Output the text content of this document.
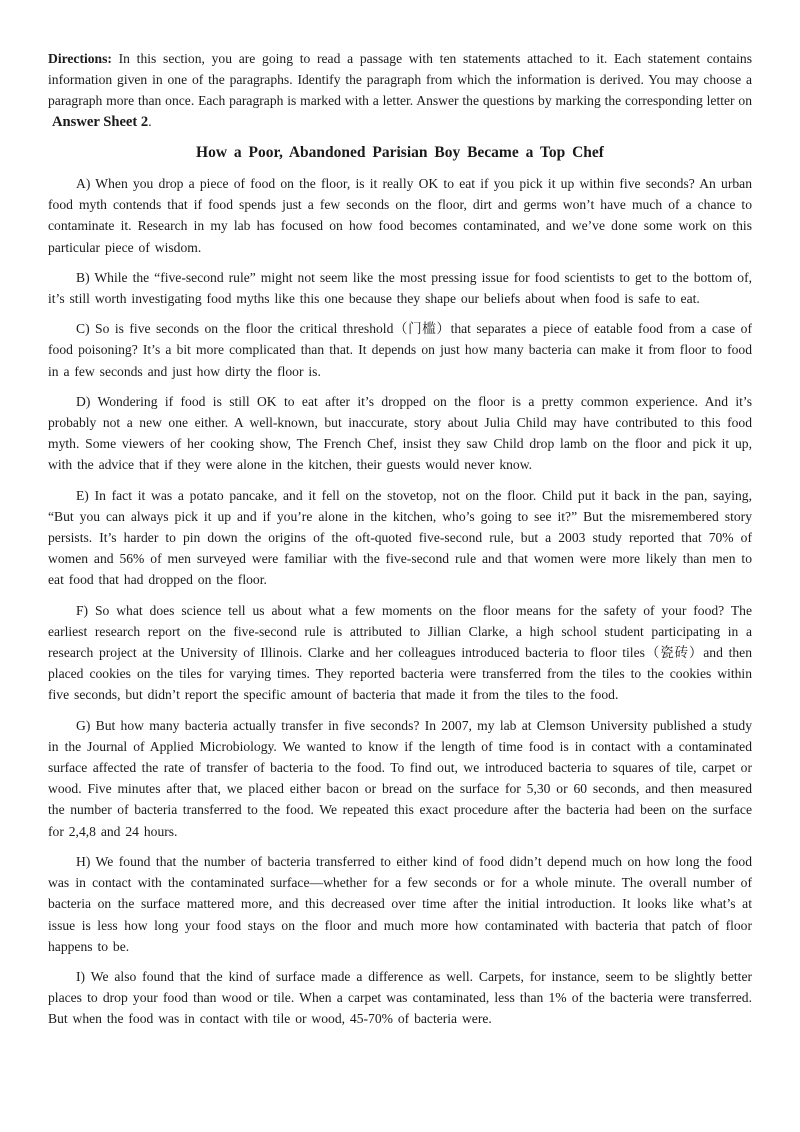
Directions: In this section, you are going to read a passage with ten statements attached to it. Each statement contains information given in one of the paragraphs. Identify the paragraph from which the information is derived. You may choose a paragraph more than once. Each paragraph is marked with a letter. Answer the questions by marking the corresponding letter on Answer Sheet 2.

How a Poor, Abandoned Parisian Boy Became a Top Chef

A) When you drop a piece of food on the floor, is it really OK to eat if you pick it up within five seconds? An urban food myth contends that if food spends just a few seconds on the floor, dirt and germs won’t have much of a chance to contaminate it. Research in my lab has focused on how food becomes contaminated, and we’ve done some work on this particular piece of wisdom.

B) While the “five-second rule” might not seem like the most pressing issue for food scientists to get to the bottom of, it’s still worth investigating food myths like this one because they shape our beliefs about when food is safe to eat.

C) So is five seconds on the floor the critical threshold（门槛）that separates a piece of eatable food from a case of food poisoning? It’s a bit more complicated than that. It depends on just how many bacteria can make it from floor to food in a few seconds and just how dirty the floor is.

D) Wondering if food is still OK to eat after it’s dropped on the floor is a pretty common experience. And it’s probably not a new one either. A well-known, but inaccurate, story about Julia Child may have contributed to this food myth. Some viewers of her cooking show, The French Chef, insist they saw Child drop lamb on the floor and pick it up, with the advice that if they were alone in the kitchen, their guests would never know.

E) In fact it was a potato pancake, and it fell on the stovetop, not on the floor. Child put it back in the pan, saying, “But you can always pick it up and if you’re alone in the kitchen, who’s going to see it?” But the misremembered story persists. It’s harder to pin down the origins of the oft-quoted five-second rule, but a 2003 study reported that 70% of women and 56% of men surveyed were familiar with the five-second rule and that women were more likely than men to eat food that had dropped on the floor.

F) So what does science tell us about what a few moments on the floor means for the safety of your food? The earliest research report on the five-second rule is attributed to Jillian Clarke, a high school student participating in a research project at the University of Illinois. Clarke and her colleagues introduced bacteria to floor tiles（瓷砖）and then placed cookies on the tiles for varying times. They reported bacteria were transferred from the tiles to the cookies within five seconds, but didn’t report the specific amount of bacteria that made it from the tiles to the food.

G) But how many bacteria actually transfer in five seconds? In 2007, my lab at Clemson University published a study in the Journal of Applied Microbiology. We wanted to know if the length of time food is in contact with a contaminated surface affected the rate of transfer of bacteria to the food. To find out, we introduced bacteria to squares of tile, carpet or wood. Five minutes after that, we placed either bacon or bread on the surface for 5,30 or 60 seconds, and then measured the number of bacteria transferred to the food. We repeated this exact procedure after the bacteria had been on the surface for 2,4,8 and 24 hours.

H) We found that the number of bacteria transferred to either kind of food didn’t depend much on how long the food was in contact with the contaminated surface—whether for a few seconds or for a whole minute. The overall number of bacteria on the surface mattered more, and this decreased over time after the initial introduction. It looks like what’s at issue is less how long your food stays on the floor and much more how contaminated with bacteria that patch of floor happens to be.

I) We also found that the kind of surface made a difference as well. Carpets, for instance, seem to be slightly better places to drop your food than wood or tile. When a carpet was contaminated, less than 1% of the bacteria were transferred. But when the food was in contact with tile or wood, 45-70% of bacteria were.
